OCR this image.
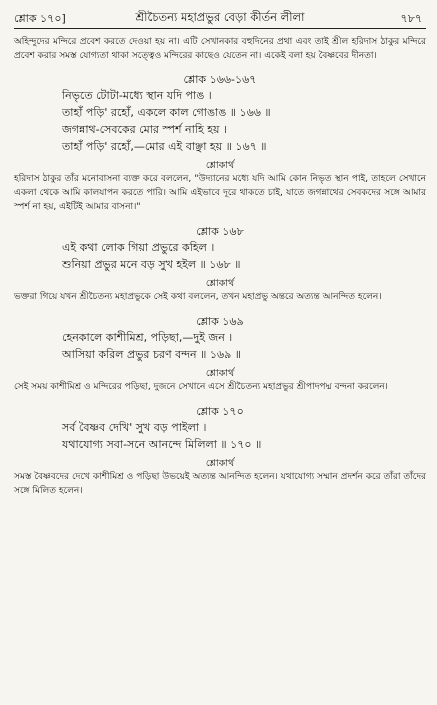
শ্লোক ১৭০]	শ্রীচৈতন্য মহাপ্রভুর বেড়া কীর্তন লীলা	৭৮৭

অহিন্দুদের মন্দিরে প্রবেশ করতে দেওয়া হয় না। এটি সেখানকার বহুদিনের প্রথা এবং তাই শ্রীল হরিদাস ঠাকুর মন্দিরে প্রবেশ করার সমস্ত যোগ্যতা থাকা সত্ত্বেও মন্দিরের কাছেও যেতেন না। একেই বলা হয় বৈষ্ণবের দীনতা।

শ্লোক ১৬৬-১৬৭

নিভৃতে টোটা-মধ্যে স্থান যদি পাঙ ।

তাহাঁ পড়ি' রহোঁ, একলে কাল গোঙাঙ ॥ ১৬৬ ॥

জগন্নাথ-সেবকের মোর স্পর্শ নাহি হয় ।

তাহাঁ পড়ি' রহোঁ,—মোর এই বাঞ্ছা হয় ॥ ১৬৭ ॥

শ্লোকার্থ

হরিদাস ঠাকুর তাঁর মনোবাসনা ব্যক্ত করে বললেন, "উদ্যানের মধ্যে যদি আমি কোন নিভৃত স্থান পাই, তাহলে সেখানে একলা থেকে আমি কালযাপন করতে পারি। আমি এইভাবে দূরে থাকতে চাই, যাতে জগন্নাথের সেবকদের সঙ্গে আমার স্পর্শ না হয়, এইটিই আমার বাসনা।"

শ্লোক ১৬৮

এই কথা লোক গিয়া প্রভুরে কহিল ।

শুনিয়া প্রভুর মনে বড় সুখ হইল ॥ ১৬৮ ॥

শ্লোকার্থ

ভক্তরা গিয়ে যখন শ্রীচৈতন্য মহাপ্রভুকে সেই কথা বললেন, তখন মহাপ্রভু অন্তরে অত্যন্ত আনন্দিত হলেন।

শ্লোক ১৬৯

হেনকালে কাশীমিশ্র, পড়িছা,—দুই জন ।

আসিয়া করিল প্রভুর চরণ বন্দন ॥ ১৬৯ ॥

শ্লোকার্থ

সেই সময় কাশীমিশ্র ও মন্দিরের পড়িছা, দুজনে সেখানে এসে শ্রীচৈতন্য মহাপ্রভুর শ্রীপাদপদ্ম বন্দনা করলেন।

শ্লোক ১৭০

সর্ব বৈষ্ণব দেখি' সুখ বড় পাইলা ।

যথাযোগ্য সবা-সনে আনন্দে মিলিলা ॥ ১৭০ ॥

শ্লোকার্থ

সমস্ত বৈষ্ণবদের দেখে কাশীমিশ্র ও পড়িছা উভয়েই অত্যন্ত আনন্দিত হলেন। যথাযোগ্য সম্মান প্রদর্শন করে তাঁরা তাঁদের সঙ্গে মিলিত হলেন।
